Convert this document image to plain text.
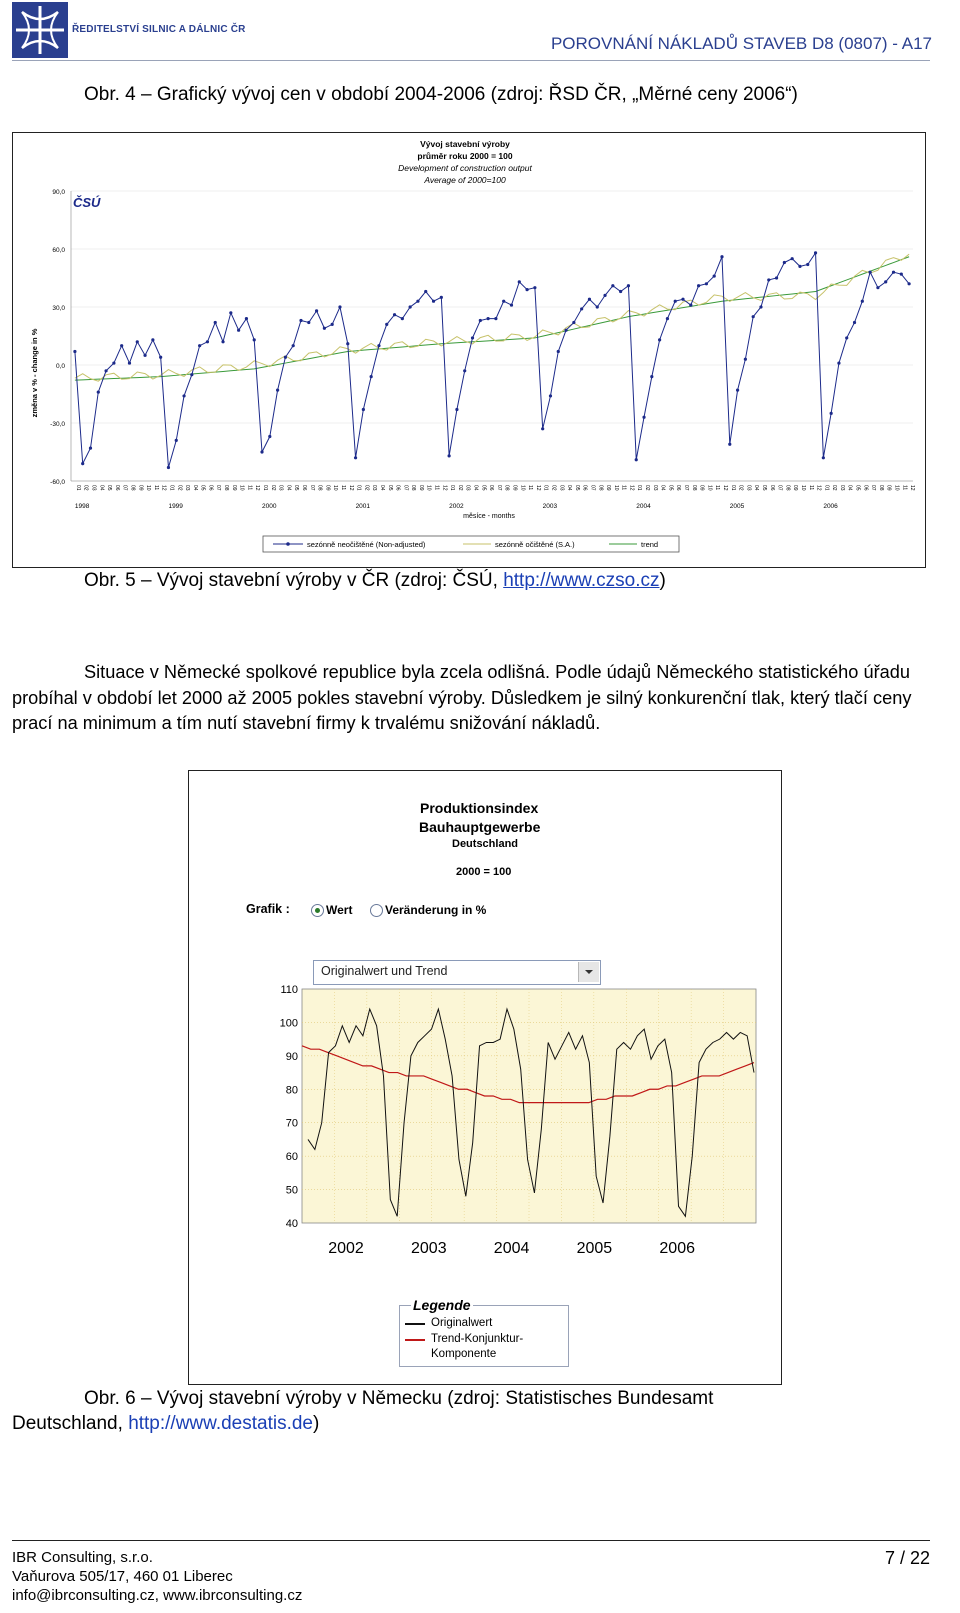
ŘEDITELSTVÍ SILNIC A DÁLNIC ČR
POROVNÁNÍ NÁKLADŮ STAVEB D8 (0807) - A17
Obr. 4 – Grafický vývoj cen v období 2004-2006 (zdroj: ŘSD ČR, „Měrné ceny 2006“)
90,0
60,0
30,0
0,0
-30,0
-60,0
01 02 03 04 05 06 07 08 09 10 11 12 01 02 03 04 05 06 07 08 09 10 11 12 01 02 03 04 05 06 07 08 09 10 11 12 01 02 03 04 05 06 07 08 09 10 11 12 01 02 03 04 05 06 07 08 09 10 11 12 01 02 03 04 05 06 07 08 09 10 11 12 01 02 03 04 05 06 07 08 09 10 11 12 01 02 03 04 05 06 07 08 09 10 11 12 01 02 03 04 05 06 07 08 09 10 11 12
1998	1999	2000	2001	2002	2003	2004	2005	2006
Vývoj stavební výroby
průměr roku 2000 = 100
Development of construction output
Average of 2000=100
ČSÚ
změna v % - change in %
měsíce - months
sezónně neočištěné (Non-adjusted)	sezónně očištěné (S.A.)	trend
Obr. 5 – Vývoj stavební výroby v ČR (zdroj: ČSÚ, http://www.czso.cz)
Situace v Německé spolkové republice byla zcela odlišná. Podle údajů Německého statistického úřadu probíhal v období let 2000 až 2005 pokles stavební výroby. Důsledkem je silný konkurenční tlak, který tlačí ceny prací na minimum a tím nutí stavební firmy k trvalému snižování nákladů.
Produktionsindex
Bauhauptgewerbe
Deutschland
2000 = 100
Grafik :	Wert	Veränderung in %
Originalwert und Trend
40
50
60
70
80
90
100
110
2002	2003	2004	2005	2006
Legende
Originalwert
Trend-Konjunktur-
Komponente
Obr. 6 – Vývoj stavební výroby v Německu (zdroj: Statistisches Bundesamt
Deutschland, http://www.destatis.de)
IBR Consulting, s.r.o.
Vaňurova 505/17, 460 01 Liberec
info@ibrconsulting.cz, www.ibrconsulting.cz
7 / 22
